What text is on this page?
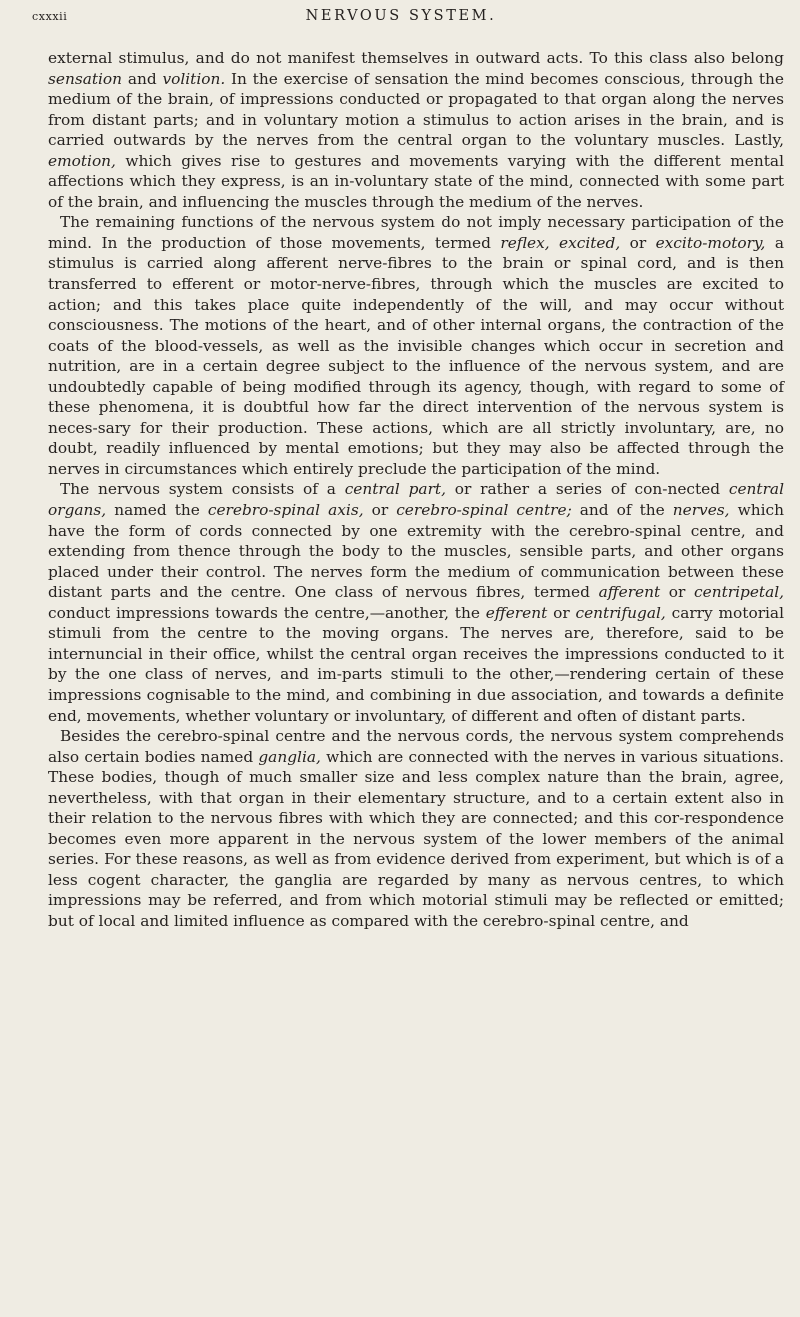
cxxxii	NERVOUS SYSTEM.

external stimulus, and do not manifest themselves in outward acts. To this class also belong sensation and volition. In the exercise of sensation the mind becomes conscious, through the medium of the brain, of impressions conducted or propagated to that organ along the nerves from distant parts; and in voluntary motion a stimulus to action arises in the brain, and is carried outwards by the nerves from the central organ to the voluntary muscles. Lastly, emotion, which gives rise to gestures and movements varying with the different mental affections which they express, is an in-voluntary state of the mind, connected with some part of the brain, and influencing the muscles through the medium of the nerves.

The remaining functions of the nervous system do not imply necessary participation of the mind. In the production of those movements, termed reflex, excited, or excito-motory, a stimulus is carried along afferent nerve-fibres to the brain or spinal cord, and is then transferred to efferent or motor-nerve-fibres, through which the muscles are excited to action; and this takes place quite independently of the will, and may occur without consciousness. The motions of the heart, and of other internal organs, the contraction of the coats of the blood-vessels, as well as the invisible changes which occur in secretion and nutrition, are in a certain degree subject to the influence of the nervous system, and are undoubtedly capable of being modified through its agency, though, with regard to some of these phenomena, it is doubtful how far the direct intervention of the nervous system is neces-sary for their production. These actions, which are all strictly involuntary, are, no doubt, readily influenced by mental emotions; but they may also be affected through the nerves in circumstances which entirely preclude the participation of the mind.

The nervous system consists of a central part, or rather a series of con-nected central organs, named the cerebro-spinal axis, or cerebro-spinal centre; and of the nerves, which have the form of cords connected by one extremity with the cerebro-spinal centre, and extending from thence through the body to the muscles, sensible parts, and other organs placed under their control. The nerves form the medium of communication between these distant parts and the centre. One class of nervous fibres, termed afferent or centripetal, conduct impressions towards the centre,—another, the efferent or centrifugal, carry motorial stimuli from the centre to the moving organs. The nerves are, therefore, said to be internuncial in their office, whilst the central organ receives the impressions conducted to it by the one class of nerves, and im-parts stimuli to the other,—rendering certain of these impressions cognisable to the mind, and combining in due association, and towards a definite end, movements, whether voluntary or involuntary, of different and often of distant parts.

Besides the cerebro-spinal centre and the nervous cords, the nervous system comprehends also certain bodies named ganglia, which are connected with the nerves in various situations. These bodies, though of much smaller size and less complex nature than the brain, agree, nevertheless, with that organ in their elementary structure, and to a certain extent also in their relation to the nervous fibres with which they are connected; and this cor-respondence becomes even more apparent in the nervous system of the lower members of the animal series. For these reasons, as well as from evidence derived from experiment, but which is of a less cogent character, the ganglia are regarded by many as nervous centres, to which impressions may be referred, and from which motorial stimuli may be reflected or emitted; but of local and limited influence as compared with the cerebro-spinal centre, and
